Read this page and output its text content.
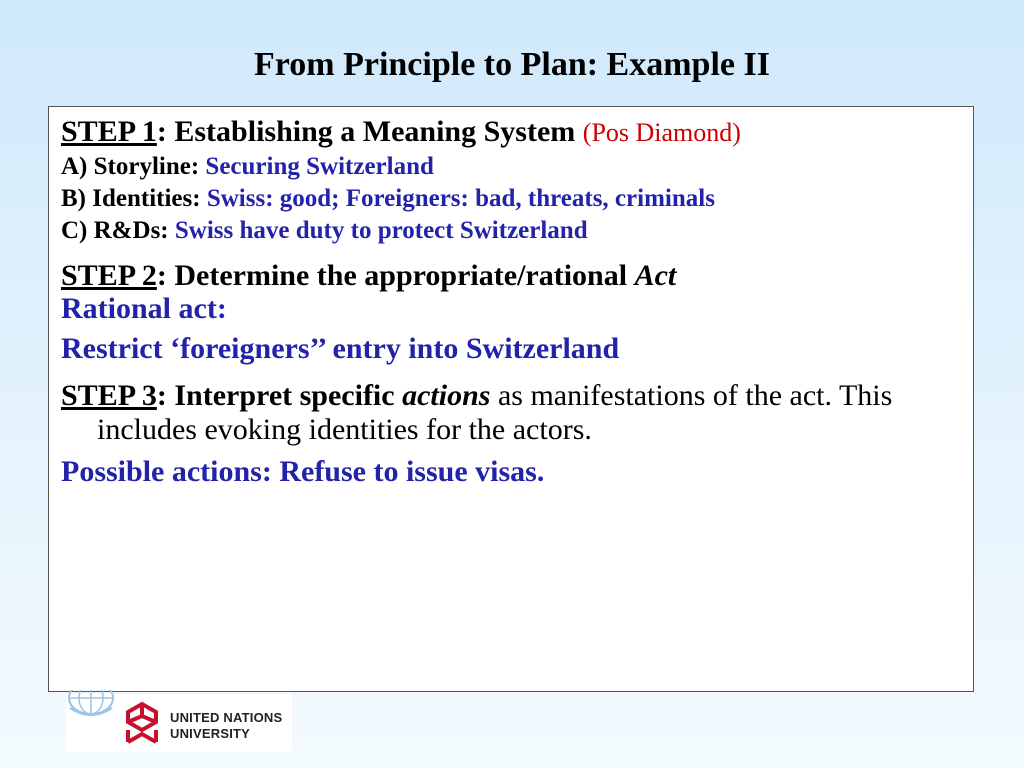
From Principle to Plan: Example II

STEP 1: Establishing a Meaning System (Pos Diamond)

A) Storyline: Securing Switzerland

B) Identities: Swiss: good; Foreigners: bad, threats, criminals

C) R&Ds: Swiss have duty to protect Switzerland

STEP 2: Determine the appropriate/rational Act

Rational act:

Restrict ‘foreigners’’ entry into Switzerland

STEP 3: Interpret specific actions as manifestations of the act. This includes evoking identities for the actors.

Possible actions: Refuse to issue visas.

UNITED NATIONS
UNIVERSITY
